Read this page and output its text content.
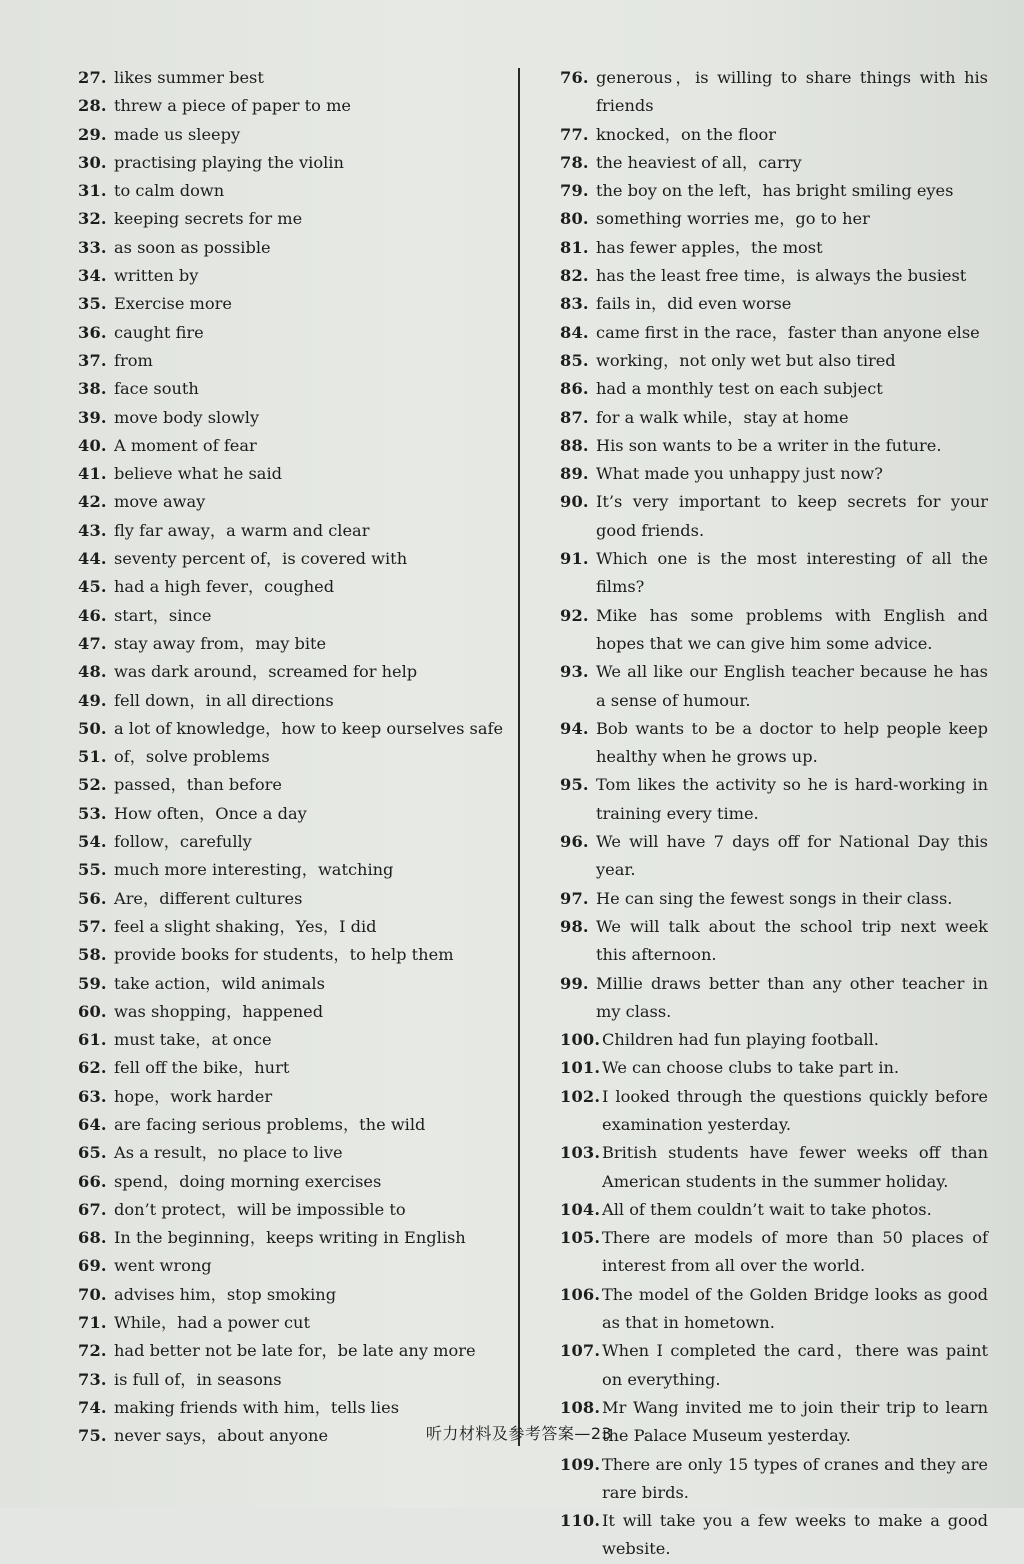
27. likes summer best
28. threw a piece of paper to me
29. made us sleepy
30. practising playing the violin
31. to calm down
32. keeping secrets for me
33. as soon as possible
34. written by
35. Exercise more
36. caught fire
37. from
38. face south
39. move body slowly
40. A moment of fear
41. believe what he said
42. move away
43. fly far away，a warm and clear
44. seventy percent of，is covered with
45. had a high fever，coughed
46. start，since
47. stay away from，may bite
48. was dark around，screamed for help
49. fell down，in all directions
50. a lot of knowledge，how to keep ourselves safe
51. of，solve problems
52. passed，than before
53. How often，Once a day
54. follow，carefully
55. much more interesting，watching
56. Are，different cultures
57. feel a slight shaking，Yes，I did
58. provide books for students，to help them
59. take action，wild animals
60. was shopping，happened
61. must take，at once
62. fell off the bike，hurt
63. hope，work harder
64. are facing serious problems，the wild
65. As a result，no place to live
66. spend，doing morning exercises
67. don’t protect，will be impossible to
68. In the beginning，keeps writing in English
69. went wrong
70. advises him，stop smoking
71. While，had a power cut
72. had better not be late for，be late any more
73. is full of，in seasons
74. making friends with him，tells lies
75. never says，about anyone
76. generous，is willing to share things with his friends
77. knocked，on the floor
78. the heaviest of all，carry
79. the boy on the left，has bright smiling eyes
80. something worries me，go to her
81. has fewer apples，the most
82. has the least free time，is always the busiest
83. fails in，did even worse
84. came first in the race，faster than anyone else
85. working，not only wet but also tired
86. had a monthly test on each subject
87. for a walk while，stay at home
88. His son wants to be a writer in the future.
89. What made you unhappy just now?
90. It’s very important to keep secrets for your good friends.
91. Which one is the most interesting of all the films?
92. Mike has some problems with English and hopes that we can give him some advice.
93. We all like our English teacher because he has a sense of humour.
94. Bob wants to be a doctor to help people keep healthy when he grows up.
95. Tom likes the activity so he is hard-working in training every time.
96. We will have 7 days off for National Day this year.
97. He can sing the fewest songs in their class.
98. We will talk about the school trip next week this afternoon.
99. Millie draws better than any other teacher in my class.
100. Children had fun playing football.
101. We can choose clubs to take part in.
102. I looked through the questions quickly before examination yesterday.
103. British students have fewer weeks off than American students in the summer holiday.
104. All of them couldn’t wait to take photos.
105. There are models of more than 50 places of interest from all over the world.
106. The model of the Golden Bridge looks as good as that in hometown.
107. When I completed the card，there was paint on everything.
108. Mr Wang invited me to join their trip to learn the Palace Museum yesterday.
109. There are only 15 types of cranes and they are rare birds.
110. It will take you a few weeks to make a good website.
听力材料及参考答案—23
